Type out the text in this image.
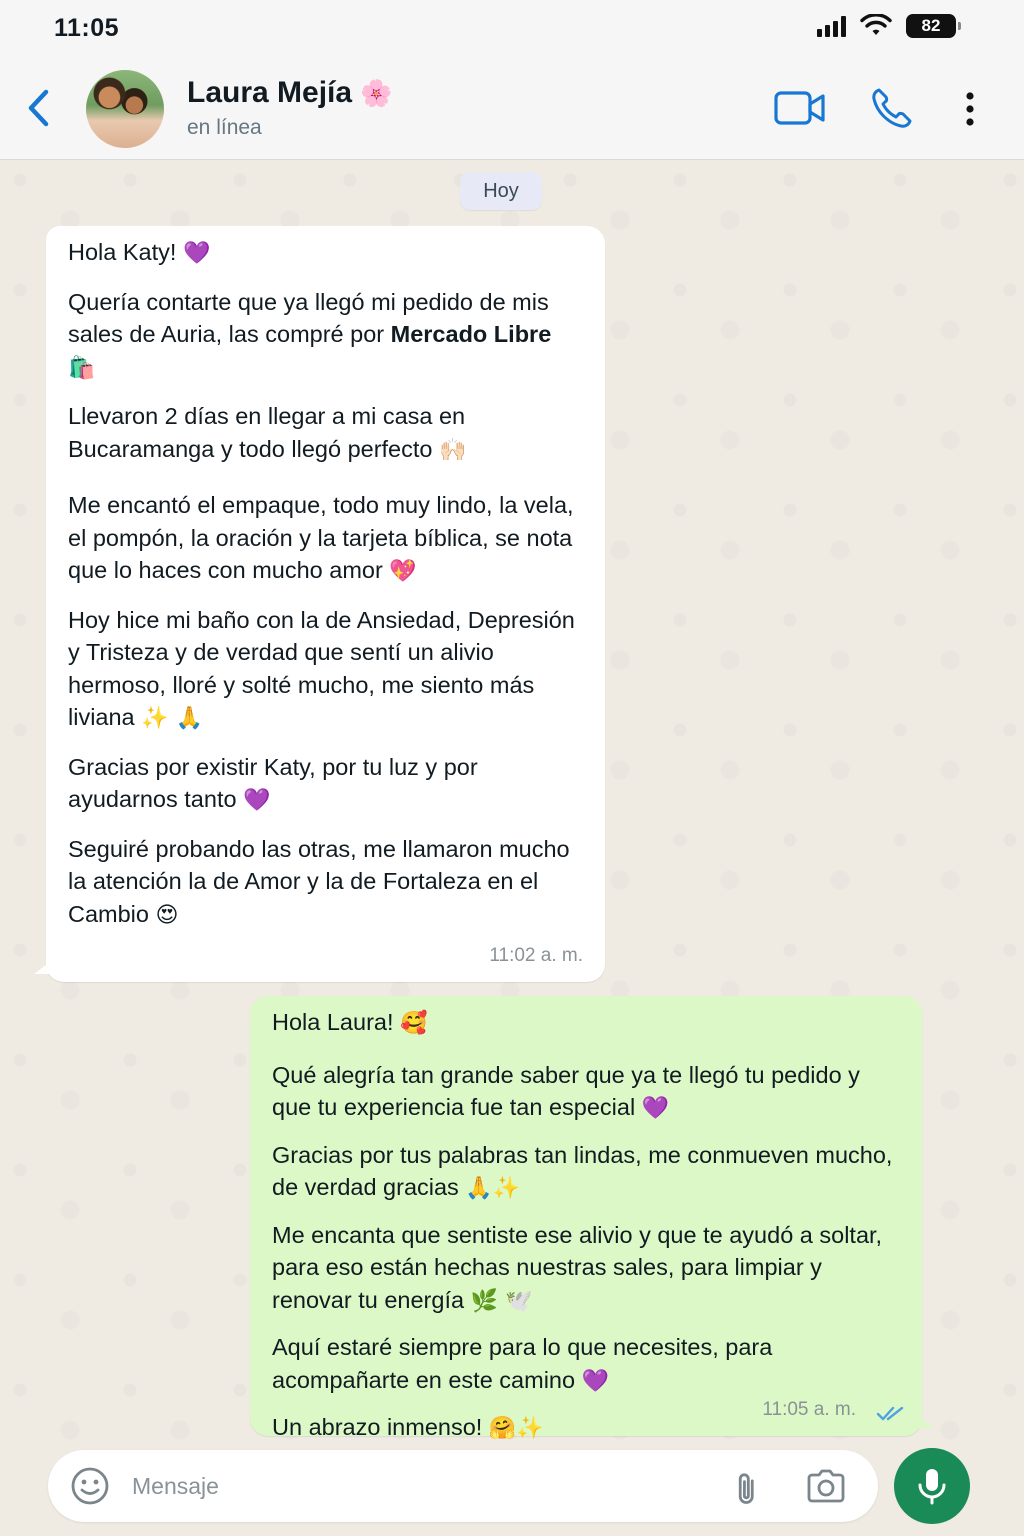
11:05	82
Laura Mejía 🌸
en línea
Hoy
Hola Katy! 💜
Quería contarte que ya llegó mi pedido de mis sales de Auria, las compré por Mercado Libre 🛍️
Llevaron 2 días en llegar a mi casa en Bucaramanga y todo llegó perfecto 🙌🏻
Me encantó el empaque, todo muy lindo, la vela, el pompón, la oración y la tarjeta bíblica, se nota que lo haces con mucho amor 💖
Hoy hice mi baño con la de Ansiedad, Depresión y Tristeza y de verdad que sentí un alivio hermoso, lloré y solté mucho, me siento más liviana ✨ 🙏
Gracias por existir Katy, por tu luz y por ayudarnos tanto 💜
Seguiré probando las otras, me llamaron mucho la atención la de Amor y la de Fortaleza en el Cambio 😍
11:02 a. m.
Hola Laura! 🥰
Qué alegría tan grande saber que ya te llegó tu pedido y que tu experiencia fue tan especial 💜
Gracias por tus palabras tan lindas, me conmueven mucho, de verdad gracias 🙏✨
Me encanta que sentiste ese alivio y que te ayudó a soltar, para eso están hechas nuestras sales, para limpiar y renovar tu energía 🌿 🕊️
Aquí estaré siempre para lo que necesites, para acompañarte en este camino 💜
Un abrazo inmenso! 🤗✨
11:05 a. m.
Mensaje
